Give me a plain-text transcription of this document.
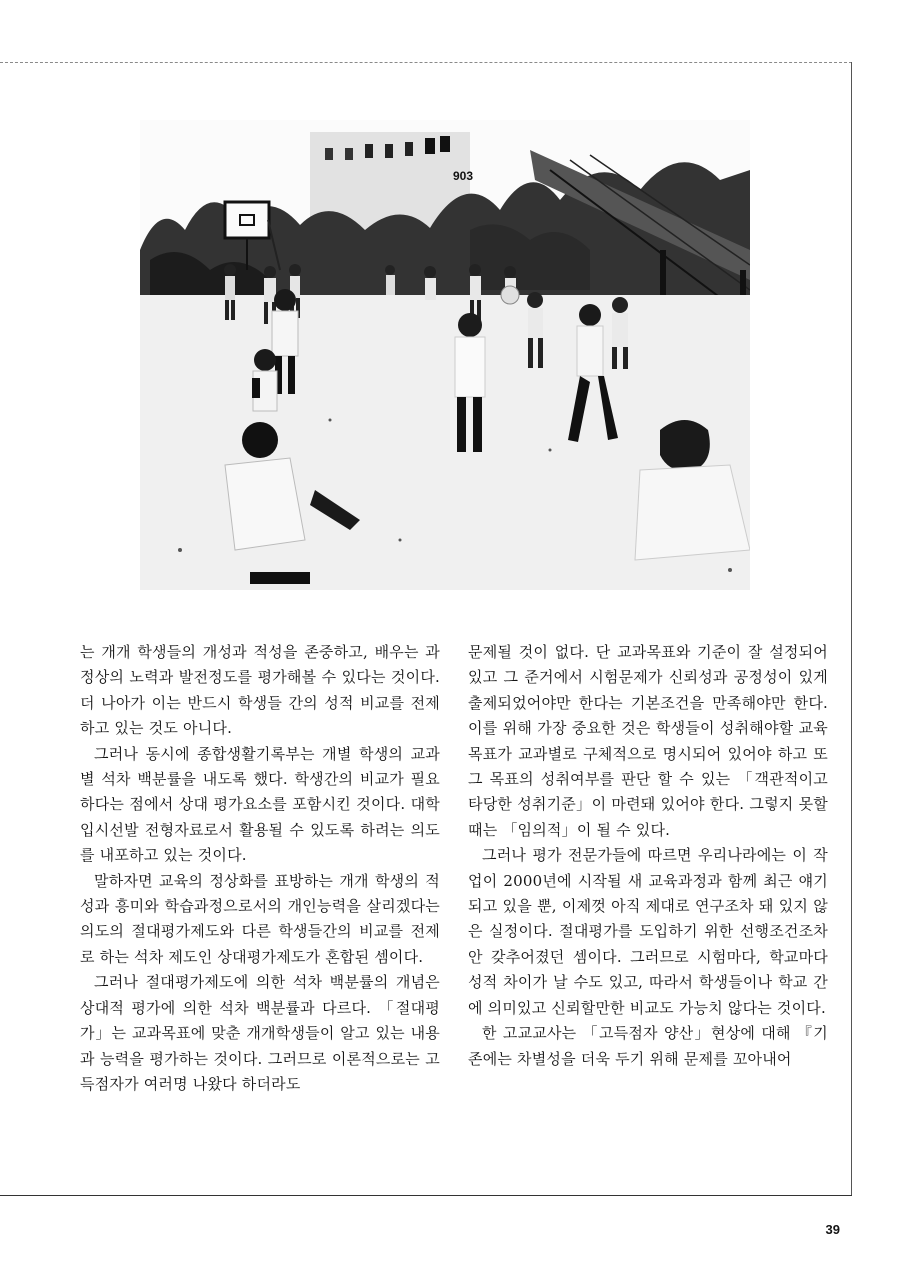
903

는 개개 학생들의 개성과 적성을 존중하고, 배우는 과정상의 노력과 발전정도를 평가해볼 수 있다는 것이다. 더 나아가 이는 반드시 학생들 간의 성적 비교를 전제하고 있는 것도 아니다.

그러나 동시에 종합생활기록부는 개별 학생의 교과별 석차 백분률을 내도록 했다. 학생간의 비교가 필요하다는 점에서 상대 평가요소를 포함시킨 것이다. 대학입시선발 전형자료로서 활용될 수 있도록 하려는 의도를 내포하고 있는 것이다.

말하자면 교육의 정상화를 표방하는 개개 학생의 적성과 흥미와 학습과정으로서의 개인능력을 살리겠다는 의도의 절대평가제도와 다른 학생들간의 비교를 전제로 하는 석차 제도인 상대평가제도가 혼합된 셈이다.

그러나 절대평가제도에 의한 석차 백분률의 개념은 상대적 평가에 의한 석차 백분률과 다르다. 「절대평가」는 교과목표에 맞춘 개개학생들이 알고 있는 내용과 능력을 평가하는 것이다. 그러므로 이론적으로는 고득점자가 여러명 나왔다 하더라도

문제될 것이 없다. 단 교과목표와 기준이 잘 설정되어 있고 그 준거에서 시험문제가 신뢰성과 공정성이 있게 출제되었어야만 한다는 기본조건을 만족해야만 한다. 이를 위해 가장 중요한 것은 학생들이 성취해야할 교육목표가 교과별로 구체적으로 명시되어 있어야 하고 또 그 목표의 성취여부를 판단 할 수 있는 「객관적이고 타당한 성취기준」이 마련돼 있어야 한다. 그렇지 못할 때는 「임의적」이 될 수 있다.

그러나 평가 전문가들에 따르면 우리나라에는 이 작업이 2000년에 시작될 새 교육과정과 함께 최근 얘기되고 있을 뿐, 이제껏 아직 제대로 연구조차 돼 있지 않은 실정이다. 절대평가를 도입하기 위한 선행조건조차 안 갖추어졌던 셈이다. 그러므로 시험마다, 학교마다 성적 차이가 날 수도 있고, 따라서 학생들이나 학교 간에 의미있고 신뢰할만한 비교도 가능치 않다는 것이다.

한 고교교사는 「고득점자 양산」현상에 대해 『기존에는 차별성을 더욱 두기 위해 문제를 꼬아내어

39
